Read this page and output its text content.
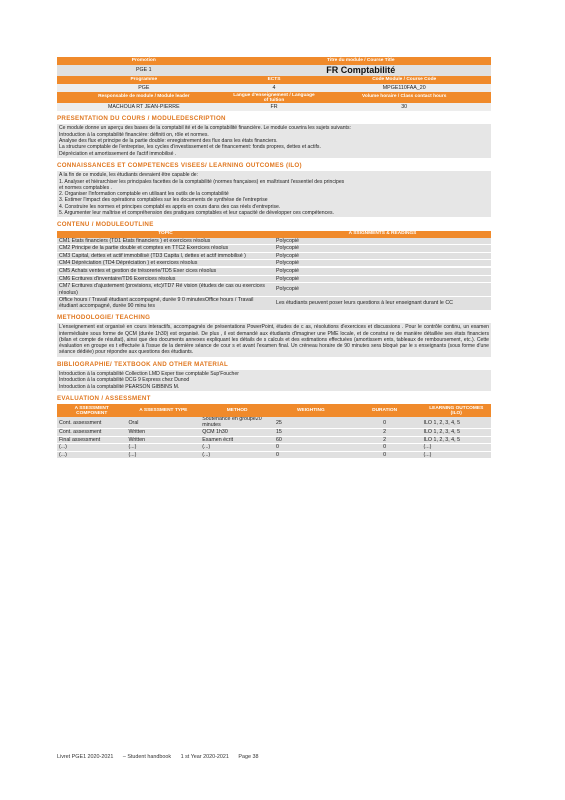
Promotion	Titre du module / Course Title
PGE 1	FR Comptabilité
Programme	ECTS	Code Module / Course Code
PGE	4	MPGE110FAA_20
Responsable de module / Module leader	Langue d'enseignement / Language of tuition	Volume horaire / Class contact hours
MACHOUA RT JEAN-PIERRE	FR	30
PRESENTATION DU COURS / MODULEDESCRIPTION
Ce module donne un aperçu des bases de la comptabil ité et de la comptabilité financière. Le module couvrira les sujets suivants:
Introduction à la comptabilité financière: définiti on, rôle et normes.
Analyse des flux et principe de la partie double: enregistrement des flux dans les états financiers.
La structure comptable de l'entreprise, les cycles d'investissement et de financement: fonds propres, dettes et actifs.
Dépréciation et amortissement de l'actif immobilisé .
CONNAISSANCES ET COMPETENCES VISEES/ LEARNING OUTCOMES (ILO)
A la fin de ce module, les étudiants devraient être capable de:
1. Analyser et hiérarchiser les principales facettes de la comptabilité (normes françaises) en maîtrisant l'essentiel des principes
et normes comptables .
2. Organiser l'information comptable en utilisant les outils de la comptabilité
3. Estimer l'impact des opérations comptables sur les documents de synthèse de l'entreprise
4. Construire les normes et principes comptabl es appris en cours dans des cas réels d'entreprise.
5. Argumenter leur maîtrise et compréhension des pratiques comptables et leur capacité de développer ces compétences.
CONTENU / MODULEOUTLINE
TOPIC	A SSIGNMENTS & READINGS
CM1 Etats financiers (TD1 Etats financiers ) et exercices résolus	Polycopié
CM2 Principe de la partie double et comptes en TTC2 Exercices résolus	Polycopié
CM3 Capital, dettes et actif immobilisé (TD3 Capita l, dettes et actif immobilisé )	Polycopié
CM4 Dépréciation (TD4 Dépréciation ) et exercices résolus	Polycopié
CM5 Achats ventes et gestion de trésorerie/TD5 Exer cices résolus	Polycopié
CM6 Ecritures d'inventaire/TD6 Exercices résolus	Polycopié
CM7 Ecritures d'ajustement (provisions, etc)/TD7 Ré vision (études de cas ou exercices résolus)	Polycopié
Office hours / Travail étudiant accompagné, durée 9 0 minutesOffice hours / Travail étudiant accompagné, durée 90 minu tes	Les étudiants peuvent poser leurs questions à leur enseignant durant le CC
METHODOLOGIE/ TEACHING
L'enseignement est organisé en cours interactifs, accompagnés de présentations PowerPoint, études de c as, résolutions d'exercices et discussions . Pour le contrôle continu, un examen intermédiaire sous forme de QCM (durée 1h30) est organisé. De plus , il est demandé aux étudiants d'imaginer une PME locale, et de construi re de manière détaillée ses états financiers (bilan et compte de résultat), ainsi que des documents annexes expliquant les détails de s calculs et des estimations effectuées (amortissem ents, tableaux de remboursement, etc.). Cette évaluation en groupe es t effectuée à l'issue de la dernière séance de cour s et avant l'examen final. Un créneau horaire de 90 minutes sera bloqué par le s enseignants (sous forme d'une séance dédiée) pour répondre aux questions des étudiants.
BIBLIOGRAPHIE/ TEXTBOOK AND OTHER MATERIAL
Introduction à la comptabilité Collection LMD Exper tise comptable Sup'Foucher
Introduction à la comptabilité DCG 9 Express chez Dunod
Introduction à la comptabilité PEARSON GIBBINS M.
EVALUATION / ASSESSMENT
A SSESSMENT COMPONENT	A SSESSMENT TYPE	METHOD	WEIGHTING	DURATION	LEARNING OUTCOMES (ILO)
Cont. assessment	Oral	Soutenance en groupe20 minutes	25	0	ILO 1, 2, 3, 4, 5
Cont. assessment	Written	QCM 1h30	15	2	ILO 1, 2, 3, 4, 5
Final assessment	Written	Examen écrit	60	2	ILO 1, 2, 3, 4, 5
(...)	(...)	(...)	0	0	(...)
(...)	(...)	(...)	0	0	(...)
Livret PGE1 2020-2021 – Student handbook 1 st Year 2020-2021 Page 38
